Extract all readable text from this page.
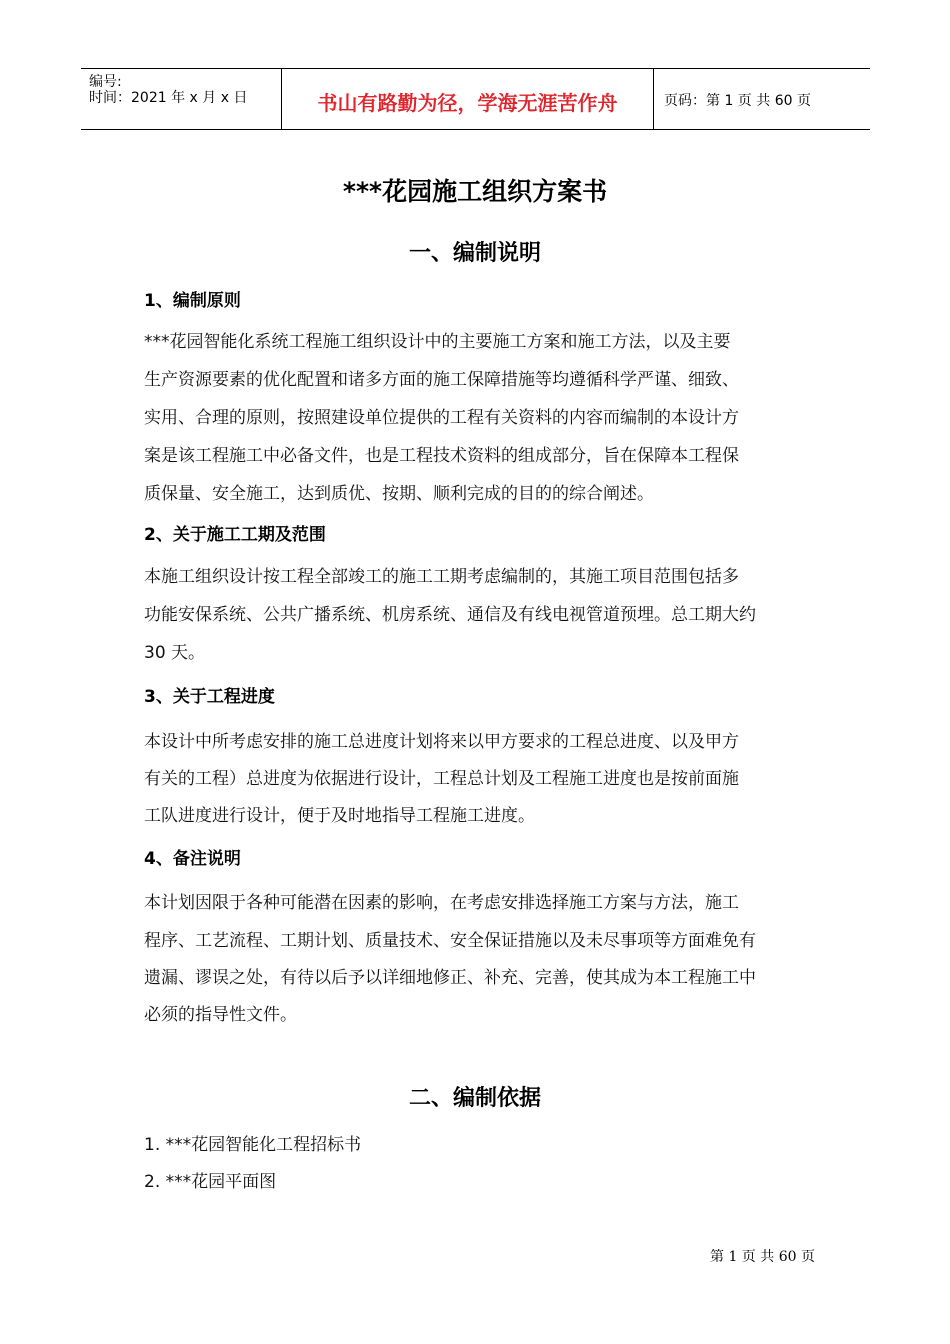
编号:
时间：2021 年 x 月 x 日	书山有路勤为径，学海无涯苦作舟	页码：第 1 页 共 60 页
***花园施工组织方案书
一、编制说明
1、编制原则
***花园智能化系统工程施工组织设计中的主要施工方案和施工方法，以及主要
生产资源要素的优化配置和诸多方面的施工保障措施等均遵循科学严谨、细致、
实用、合理的原则，按照建设单位提供的工程有关资料的内容而编制的本设计方
案是该工程施工中必备文件，也是工程技术资料的组成部分，旨在保障本工程保
质保量、安全施工，达到质优、按期、顺利完成的目的的综合阐述。
2、关于施工工期及范围
本施工组织设计按工程全部竣工的施工工期考虑编制的，其施工项目范围包括多
功能安保系统、公共广播系统、机房系统、通信及有线电视管道预埋。总工期大约
30 天。
3、关于工程进度
本设计中所考虑安排的施工总进度计划将来以甲方要求的工程总进度、以及甲方
有关的工程）总进度为依据进行设计，工程总计划及工程施工进度也是按前面施
工队进度进行设计，便于及时地指导工程施工进度。
4、备注说明
本计划因限于各种可能潜在因素的影响，在考虑安排选择施工方案与方法，施工
程序、工艺流程、工期计划、质量技术、安全保证措施以及未尽事项等方面难免有
遗漏、谬误之处，有待以后予以详细地修正、补充、完善，使其成为本工程施工中
必须的指导性文件。
二、编制依据
1. ***花园智能化工程招标书
2. ***花园平面图
第 1 页 共 60 页
